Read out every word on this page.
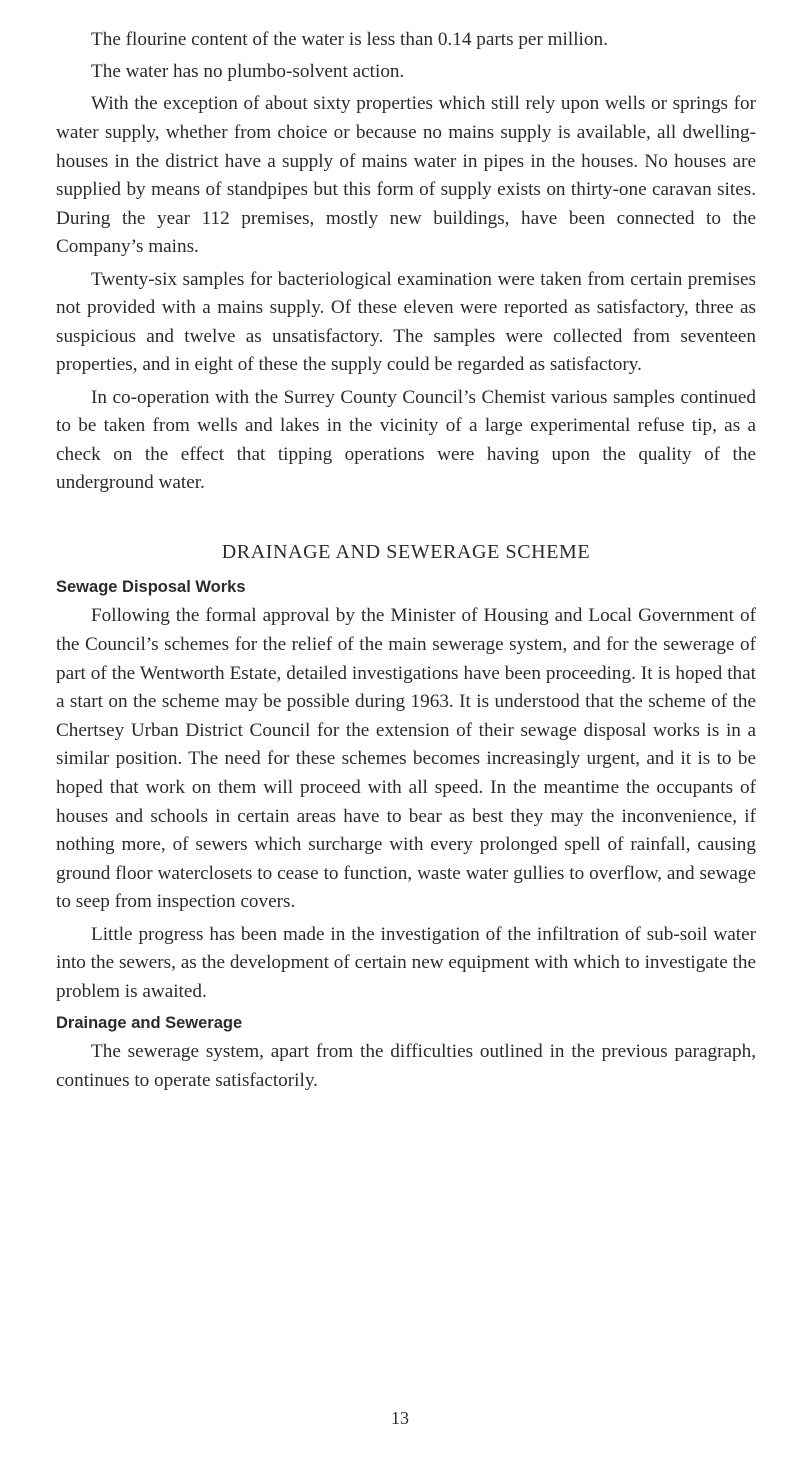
The flourine content of the water is less than 0.14 parts per million.

The water has no plumbo-solvent action.

With the exception of about sixty properties which still rely upon wells or springs for water supply, whether from choice or because no mains supply is available, all dwelling-houses in the district have a supply of mains water in pipes in the houses. No houses are supplied by means of standpipes but this form of supply exists on thirty-one caravan sites. During the year 112 premises, mostly new buildings, have been connected to the Company’s mains.

Twenty-six samples for bacteriological examination were taken from certain premises not provided with a mains supply. Of these eleven were reported as satisfactory, three as suspicious and twelve as unsatisfactory. The samples were collected from seventeen properties, and in eight of these the supply could be regarded as satisfactory.

In co-operation with the Surrey County Council’s Chemist various samples continued to be taken from wells and lakes in the vicinity of a large experimental refuse tip, as a check on the effect that tipping operations were having upon the quality of the underground water.

DRAINAGE AND SEWERAGE SCHEME
Sewage Disposal Works

Following the formal approval by the Minister of Housing and Local Government of the Council’s schemes for the relief of the main sewerage system, and for the sewerage of part of the Wentworth Estate, detailed investigations have been proceeding. It is hoped that a start on the scheme may be possible during 1963. It is understood that the scheme of the Chertsey Urban District Council for the extension of their sewage disposal works is in a similar position. The need for these schemes becomes increasingly urgent, and it is to be hoped that work on them will proceed with all speed. In the meantime the occupants of houses and schools in certain areas have to bear as best they may the inconvenience, if nothing more, of sewers which surcharge with every prolonged spell of rainfall, causing ground floor waterclosets to cease to function, waste water gullies to overflow, and sewage to seep from inspection covers.

Little progress has been made in the investigation of the infiltration of sub-soil water into the sewers, as the development of certain new equipment with which to investigate the problem is awaited.

Drainage and Sewerage

The sewerage system, apart from the difficulties outlined in the previous paragraph, continues to operate satisfactorily.

13
